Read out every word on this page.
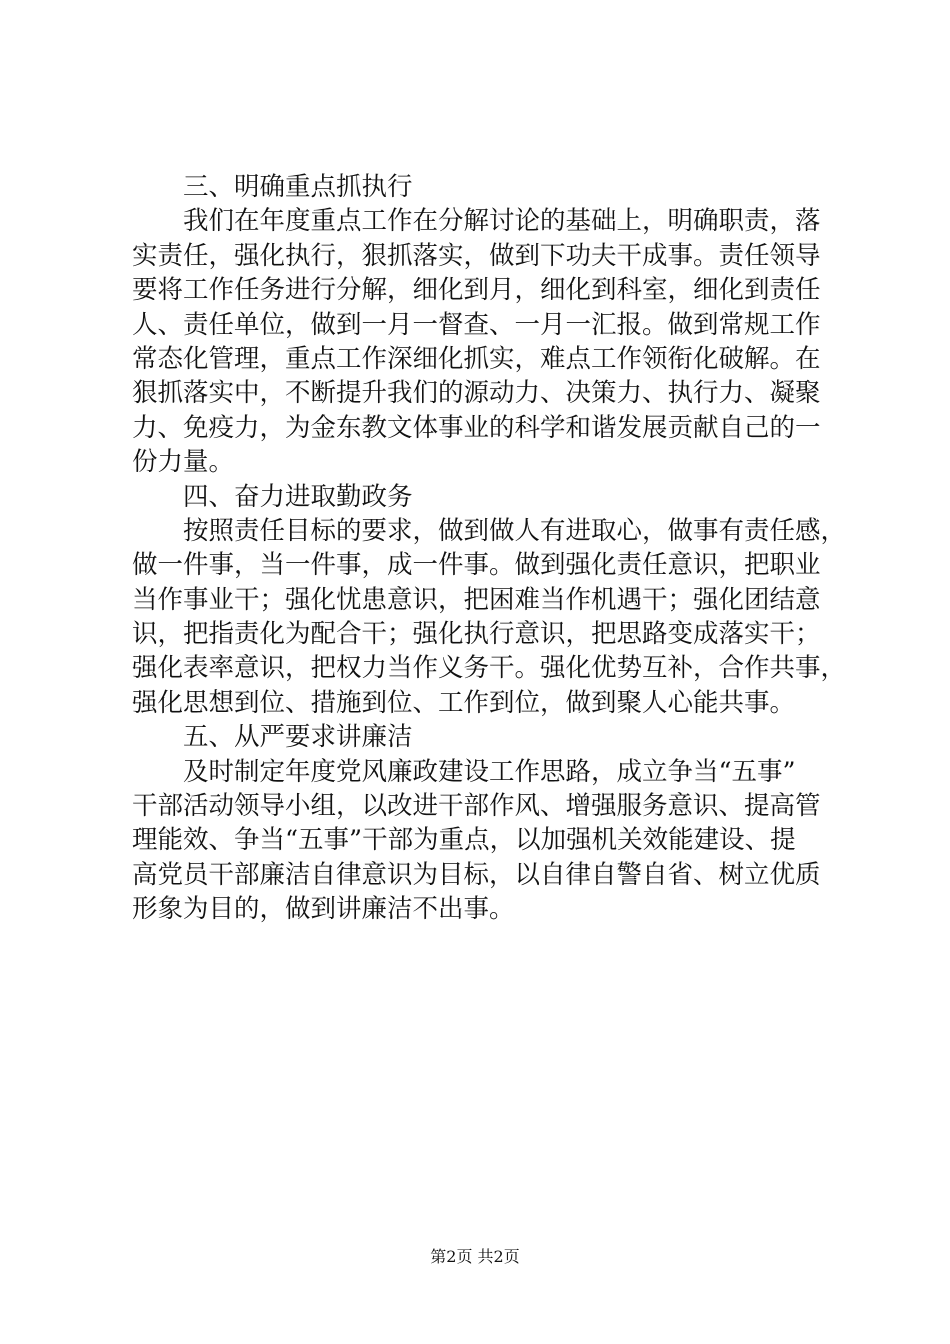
三、明确重点抓执行
我们在年度重点工作在分解讨论的基础上，明确职责，落
实责任，强化执行，狠抓落实，做到下功夫干成事。责任领导
要将工作任务进行分解，细化到月，细化到科室，细化到责任
人、责任单位，做到一月一督查、一月一汇报。做到常规工作
常态化管理，重点工作深细化抓实，难点工作领衔化破解。在
狠抓落实中，不断提升我们的源动力、决策力、执行力、凝聚
力、免疫力，为金东教文体事业的科学和谐发展贡献自己的一
份力量。
四、奋力进取勤政务
按照责任目标的要求，做到做人有进取心，做事有责任感，
做一件事，当一件事，成一件事。做到强化责任意识，把职业
当作事业干；强化忧患意识，把困难当作机遇干；强化团结意
识，把指责化为配合干；强化执行意识，把思路变成落实干；
强化表率意识，把权力当作义务干。强化优势互补，合作共事，
强化思想到位、措施到位、工作到位，做到聚人心能共事。
五、从严要求讲廉洁
及时制定年度党风廉政建设工作思路，成立争当“五事”
干部活动领导小组，以改进干部作风、增强服务意识、提高管
理能效、争当“五事”干部为重点，以加强机关效能建设、提
高党员干部廉洁自律意识为目标，以自律自警自省、树立优质
形象为目的，做到讲廉洁不出事。
第2页 共2页
